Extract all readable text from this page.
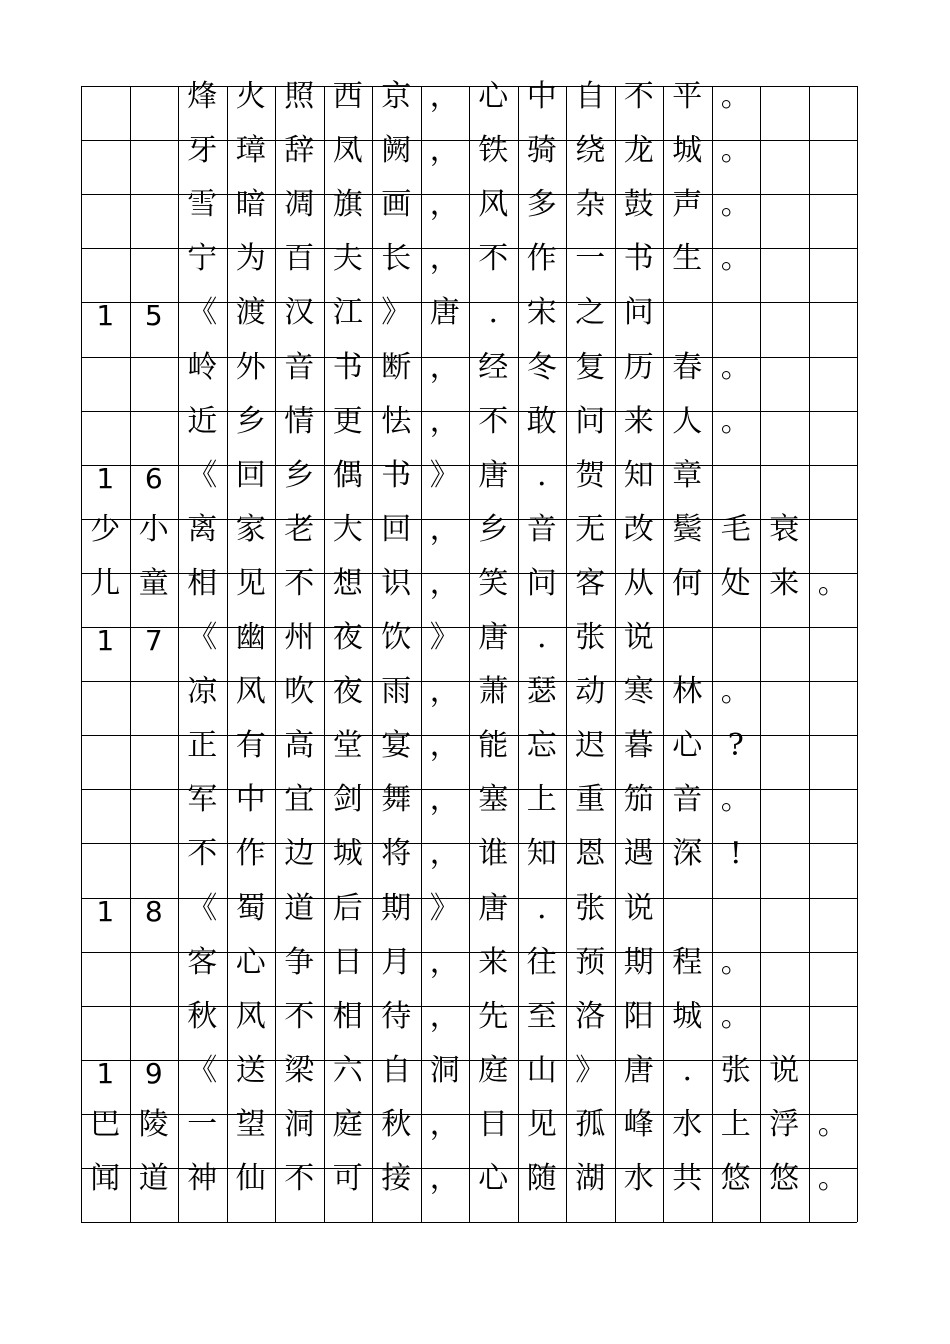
烽 火 照 西 京 ， 心 中 自 不 平 。
牙 璋 辞 凤 阙 ， 铁 骑 绕 龙 城 。
雪 暗 凋 旗 画 ， 风 多 杂 鼓 声 。
宁 为 百 夫 长 ， 不 作 一 书 生 。
1	5 《 渡 汉 江 》 唐 . 宋 之 问
岭 外 音 书 断 ， 经 冬 复 历 春 。
近 乡 情 更 怯 ， 不 敢 问 来 人 。
1	6 《 回 乡 偶 书 》 唐 . 贺 知 章
少 小 离 家 老 大 回 ， 乡 音 无 改 鬓 毛 衰
儿 童 相 见 不 想 识 ， 笑 问 客 从 何 处 来 。
1	7 《 幽 州 夜 饮 》 唐 . 张 说
凉 风 吹 夜 雨 ， 萧 瑟 动 寒 林 。
正 有 高 堂 宴 ， 能 忘 迟 暮 心 ?
军 中 宜 剑 舞 ， 塞 上 重 笳 音 。
不 作 边 城 将 ， 谁 知 恩 遇 深 !
1	8 《 蜀 道 后 期 》 唐 . 张 说
客 心 争 日 月 ， 来 往 预 期 程 。
秋 风 不 相 待 ， 先 至 洛 阳 城 。
1	9 《 送 梁 六 自 洞 庭 山 》 唐 . 张 说
巴 陵 一 望 洞 庭 秋 ， 日 见 孤 峰 水 上 浮 。
闻 道 神 仙 不 可 接 ， 心 随 湖 水 共 悠 悠 。
